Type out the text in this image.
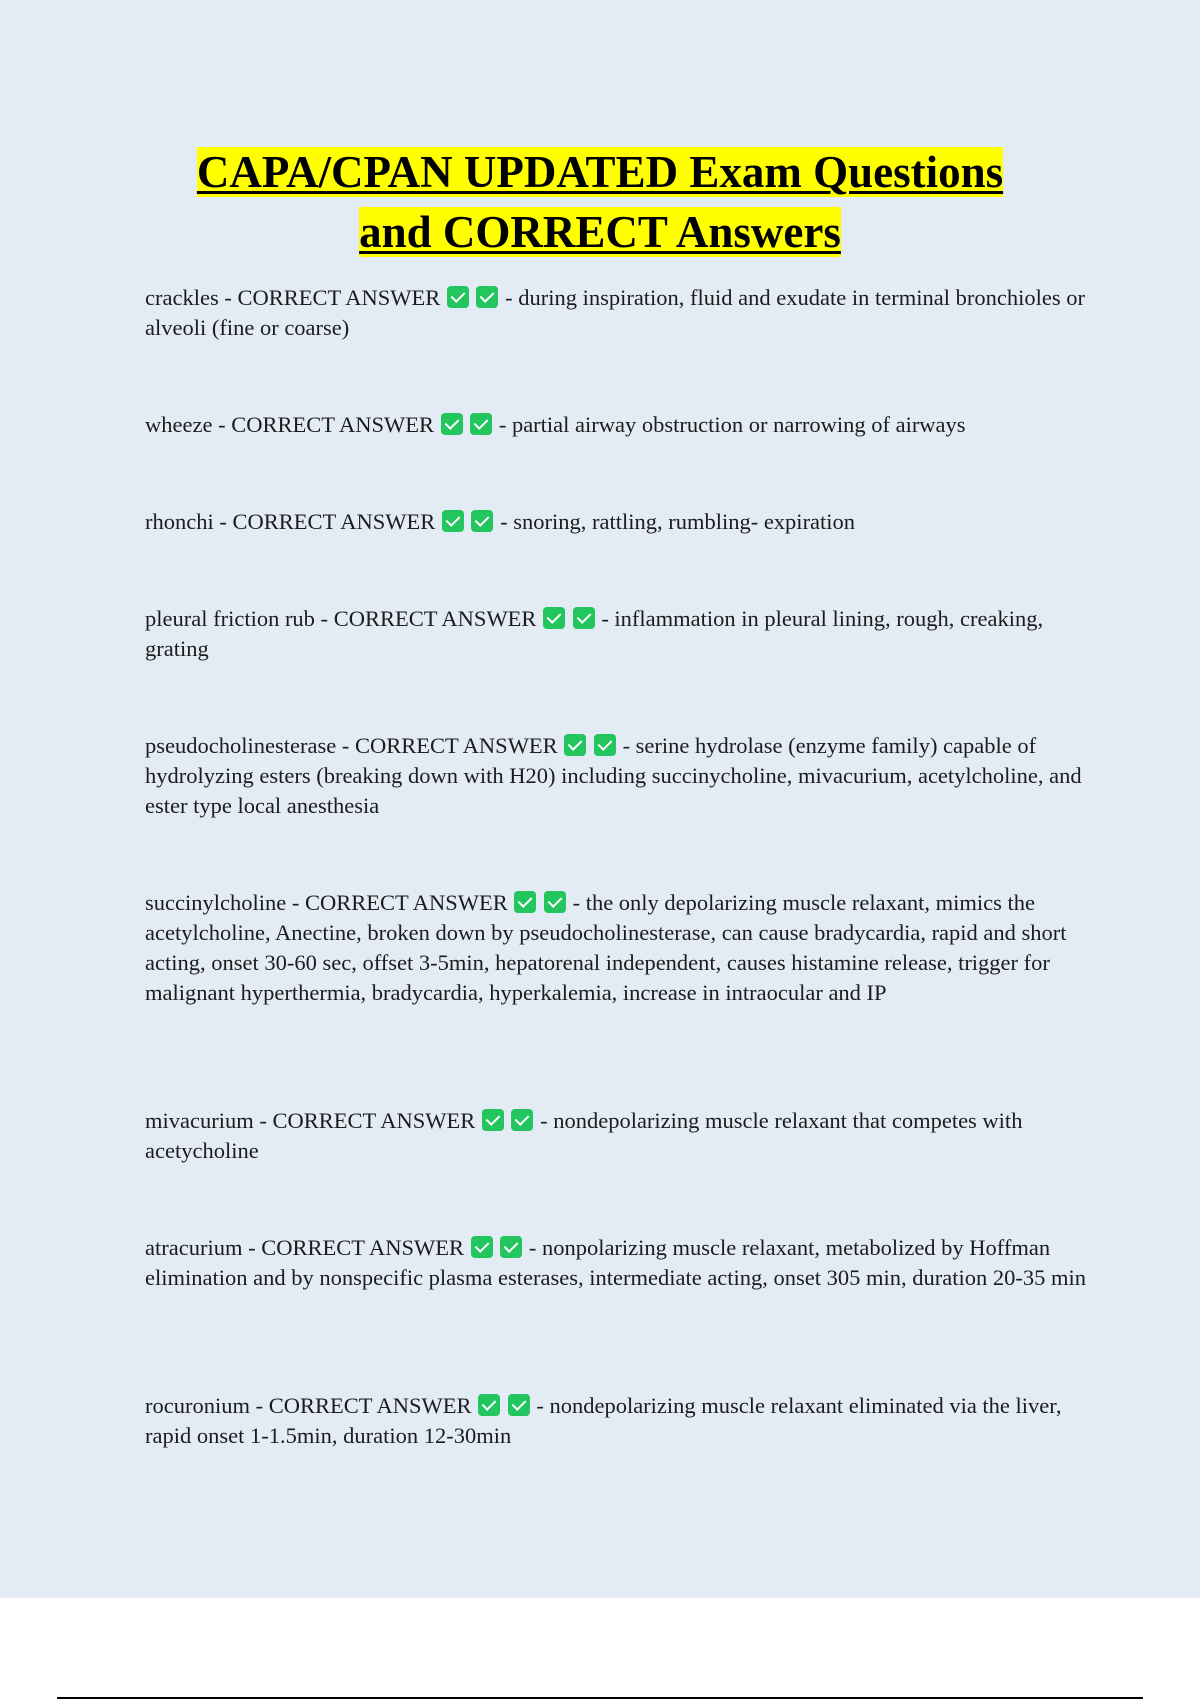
CAPA/CPAN UPDATED Exam Questions
and CORRECT Answers

crackles - CORRECT ANSWER	- during inspiration, fluid and exudate in terminal bronchioles or alveoli (fine or coarse)

wheeze - CORRECT ANSWER	- partial airway obstruction or narrowing of airways

rhonchi - CORRECT ANSWER	- snoring, rattling, rumbling- expiration

pleural friction rub - CORRECT ANSWER	- inflammation in pleural lining, rough, creaking, grating

pseudocholinesterase - CORRECT ANSWER	- serine hydrolase (enzyme family) capable of hydrolyzing esters (breaking down with H20) including succinycholine, mivacurium, acetylcholine, and ester type local anesthesia

succinylcholine - CORRECT ANSWER	- the only depolarizing muscle relaxant, mimics the acetylcholine, Anectine, broken down by pseudocholinesterase, can cause bradycardia, rapid and short acting, onset 30-60 sec, offset 3-5min, hepatorenal independent, causes histamine release, trigger for malignant hyperthermia, bradycardia, hyperkalemia, increase in intraocular and IP

mivacurium - CORRECT ANSWER	- nondepolarizing muscle relaxant that competes with acetycholine

atracurium - CORRECT ANSWER	- nonpolarizing muscle relaxant, metabolized by Hoffman elimination and by nonspecific plasma esterases, intermediate acting, onset 305 min, duration 20-35 min

rocuronium - CORRECT ANSWER	- nondepolarizing muscle relaxant eliminated via the liver, rapid onset 1-1.5min, duration 12-30min
